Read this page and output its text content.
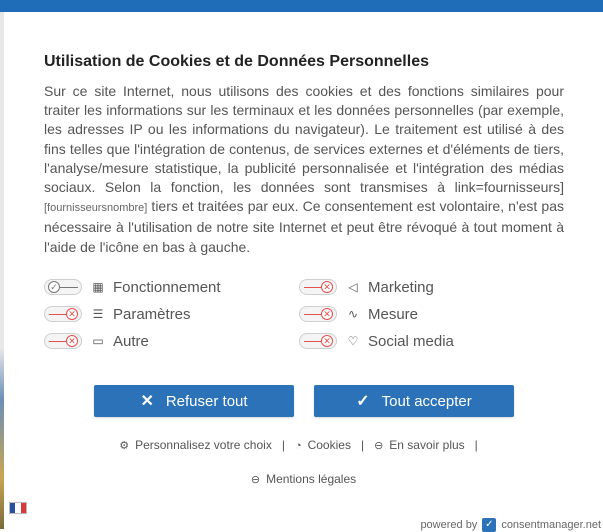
Utilisation de Cookies et de Données Personnelles
Sur ce site Internet, nous utilisons des cookies et des fonctions similaires pour traiter les informations sur les terminaux et les données personnelles (par exemple, les adresses IP ou les informations du navigateur). Le traitement est utilisé à des fins telles que l'intégration de contenus, de services externes et d'éléments de tiers, l'analyse/mesure statistique, la publicité personnalisée et l'intégration des médias sociaux. Selon la fonction, les données sont transmises à link=fournisseurs][fournisseursnombre] tiers et traitées par eux. Ce consentement est volontaire, n'est pas nécessaire à l'utilisation de notre site Internet et peut être révoqué à tout moment à l'aide de l'icône en bas à gauche.
✓	▦ Fonctionnement
✕ ☰ Paramètres
✕ ▭ Autre
✕ ◁ Marketing
✕ ∿ Mesure
✕ ♡ Social media
✕ Refuser tout	✓ Tout accepter
⚙ Personnalisez votre choix | ◔ Cookies | ⊖ En savoir plus |
⊖ Mentions légales
powered by ✓ consentmanager.net
